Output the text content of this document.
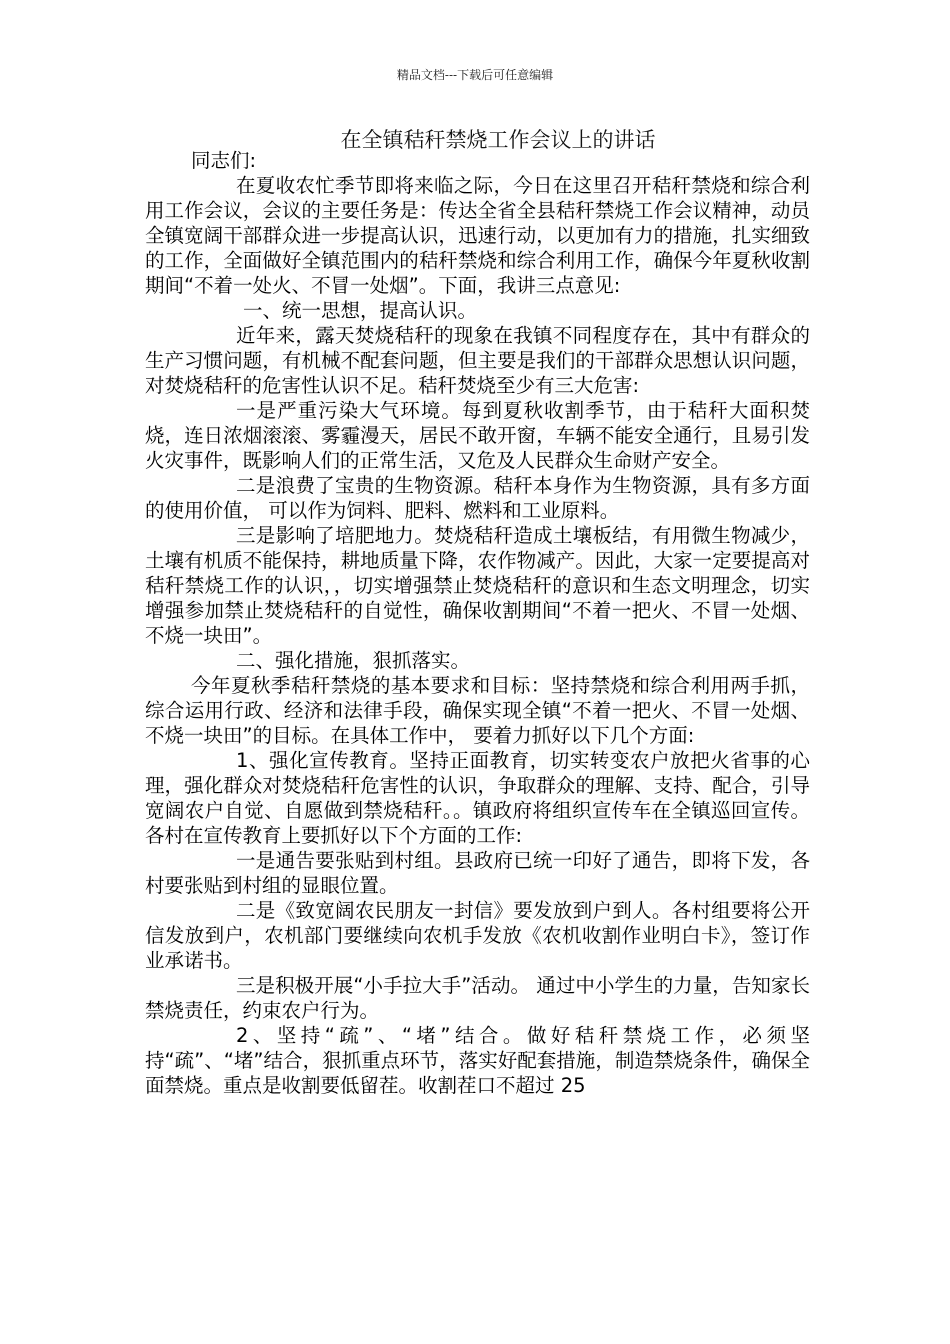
精品文档---下载后可任意编辑
在全镇秸秆禁烧工作会议上的讲话

同志们:

在夏收农忙季节即将来临之际，今日在这里召开秸秆禁烧和综合利用工作会议，会议的主要任务是：传达全省全县秸秆禁烧工作会议精神，动员全镇宽阔干部群众进一步提高认识，迅速行动，以更加有力的措施，扎实细致的工作，全面做好全镇范围内的秸秆禁烧和综合利用工作，确保今年夏秋收割期间“不着一处火、不冒一处烟”。下面，我讲三点意见:

一、统一思想，提高认识。

近年来，露天焚烧秸秆的现象在我镇不同程度存在，其中有群众的生产习惯问题，有机械不配套问题，但主要是我们的干部群众思想认识问题，对焚烧秸秆的危害性认识不足。秸秆焚烧至少有三大危害:

一是严重污染大气环境。每到夏秋收割季节，由于秸秆大面积焚烧，连日浓烟滚滚、雾霾漫天，居民不敢开窗，车辆不能安全通行，且易引发火灾事件，既影响人们的正常生活，又危及人民群众生命财产安全。

二是浪费了宝贵的生物资源。秸秆本身作为生物资源，具有多方面的使用价值， 可以作为饲料、肥料、燃料和工业原料。

三是影响了培肥地力。焚烧秸秆造成土壤板结，有用微生物减少，土壤有机质不能保持，耕地质量下降，农作物减产。因此，大家一定要提高对秸秆禁烧工作的认识，，切实增强禁止焚烧秸秆的意识和生态文明理念，切实增强参加禁止焚烧秸秆的自觉性，确保收割期间“不着一把火、不冒一处烟、不烧一块田”。

二、强化措施，狠抓落实。

今年夏秋季秸秆禁烧的基本要求和目标：坚持禁烧和综合利用两手抓，综合运用行政、经济和法律手段，确保实现全镇“不着一把火、不冒一处烟、不烧一块田”的目标。在具体工作中， 要着力抓好以下几个方面:

1、强化宣传教育。坚持正面教育，切实转变农户放把火省事的心理，强化群众对焚烧秸秆危害性的认识，争取群众的理解、支持、配合，引导宽阔农户自觉、自愿做到禁烧秸秆。。镇政府将组织宣传车在全镇巡回宣传。各村在宣传教育上要抓好以下个方面的工作:

一是通告要张贴到村组。县政府已统一印好了通告，即将下发，各村要张贴到村组的显眼位置。

二是《致宽阔农民朋友一封信》要发放到户到人。各村组要将公开信发放到户，农机部门要继续向农机手发放《农机收割作业明白卡》，签订作业承诺书。

三是积极开展“小手拉大手”活动。 通过中小学生的力量，告知家长禁烧责任，约束农户行为。

2、坚持“疏”、“堵”结合。做好秸秆禁烧工作，必须坚持“疏”、“堵”结合，狠抓重点环节，落实好配套措施，制造禁烧条件，确保全面禁烧。重点是收割要低留茬。收割茬口不超过 25
